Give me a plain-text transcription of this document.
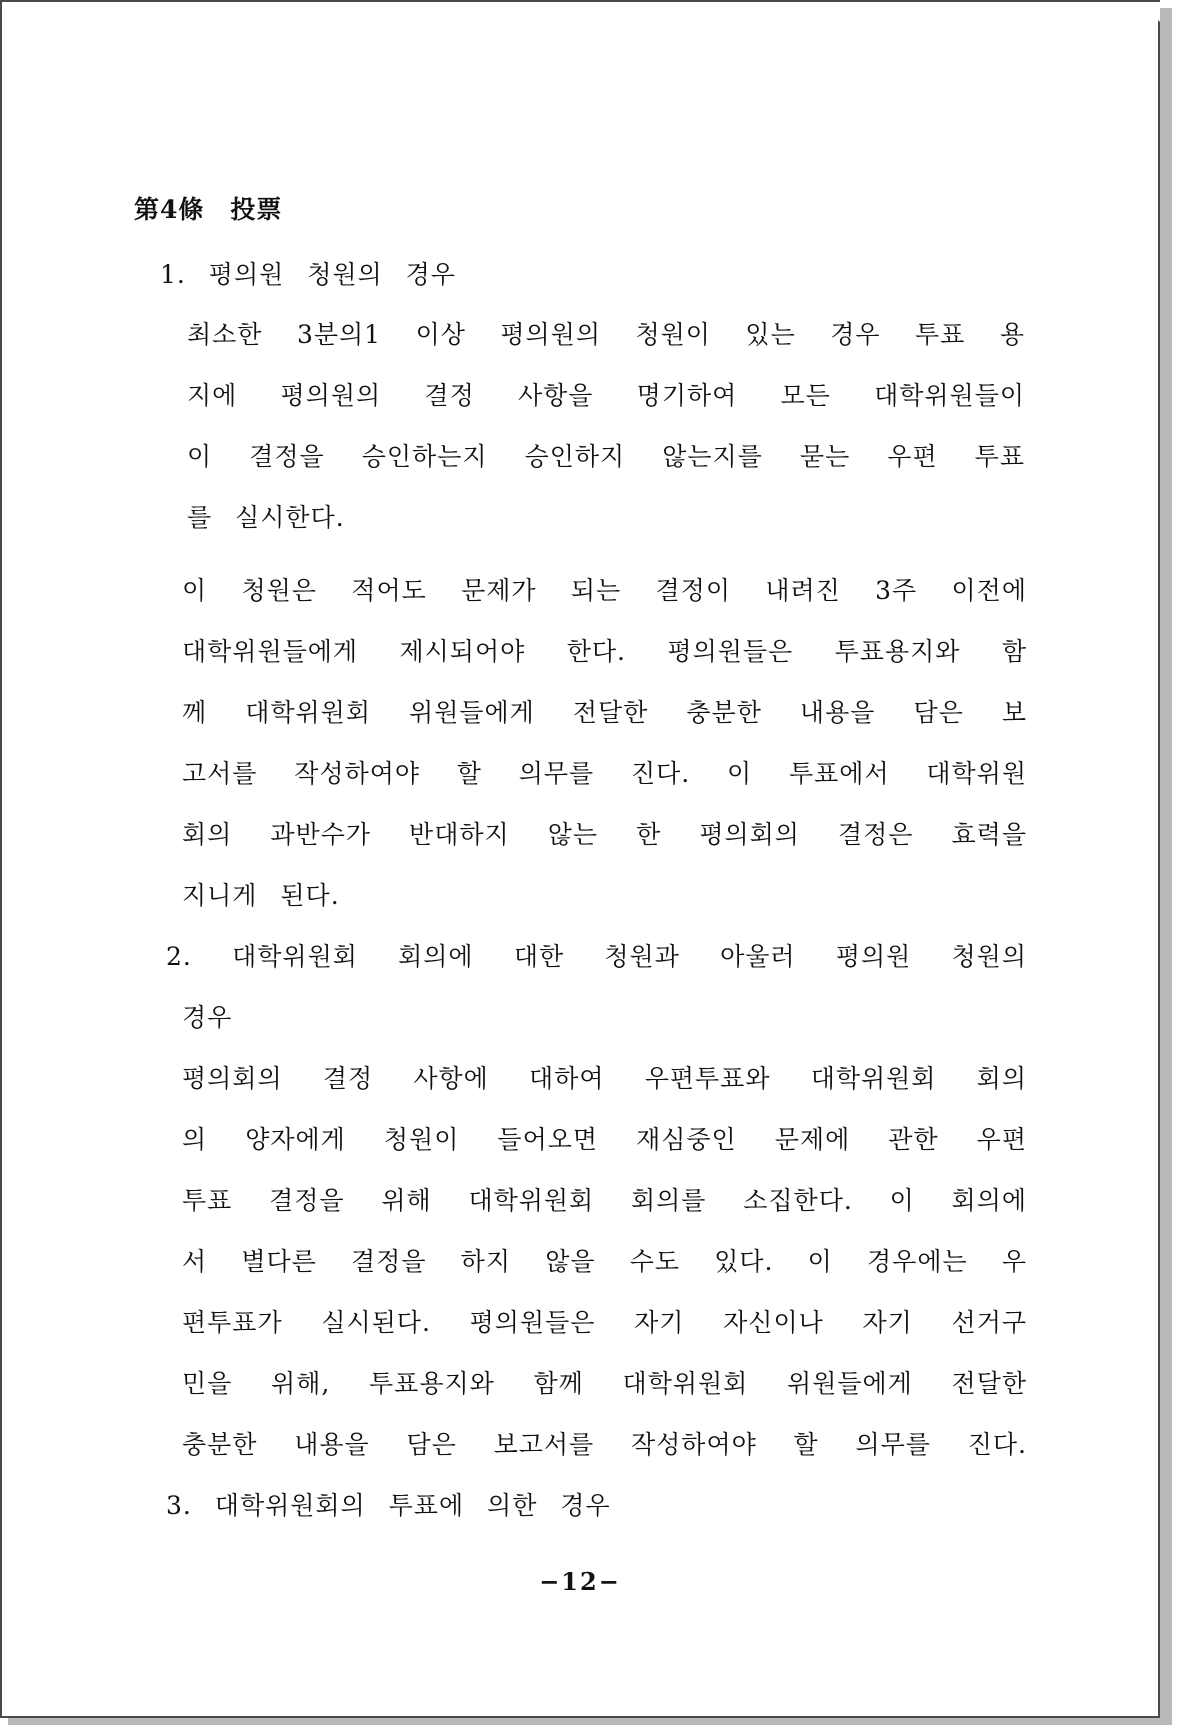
第4條　投票
1. 평의원 청원의 경우
최소한 3분의1 이상 평의원의 청원이 있는 경우 투표 용
지에 평의원의 결정 사항을 명기하여 모든 대학위원들이
이 결정을 승인하는지 승인하지 않는지를 묻는 우편 투표
를 실시한다.
이 청원은 적어도 문제가 되는 결정이 내려진 3주 이전에
대학위원들에게 제시되어야 한다. 평의원들은 투표용지와 함
께 대학위원회 위원들에게 전달한 충분한 내용을 담은 보
고서를 작성하여야 할 의무를 진다. 이 투표에서 대학위원
회의 과반수가 반대하지 않는 한 평의회의 결정은 효력을
지니게 된다.
2. 대학위원회 회의에 대한 청원과 아울러 평의원 청원의
경우
평의회의 결정 사항에 대하여 우편투표와 대학위원회 회의
의 양자에게 청원이 들어오면 재심중인 문제에 관한 우편
투표 결정을 위해 대학위원회 회의를 소집한다. 이 회의에
서 별다른 결정을 하지 않을 수도 있다. 이 경우에는 우
편투표가 실시된다. 평의원들은 자기 자신이나 자기 선거구
민을 위해, 투표용지와 함께 대학위원회 위원들에게 전달한
충분한 내용을 담은 보고서를 작성하여야 할 의무를 진다.
3. 대학위원회의 투표에 의한 경우
−12−
